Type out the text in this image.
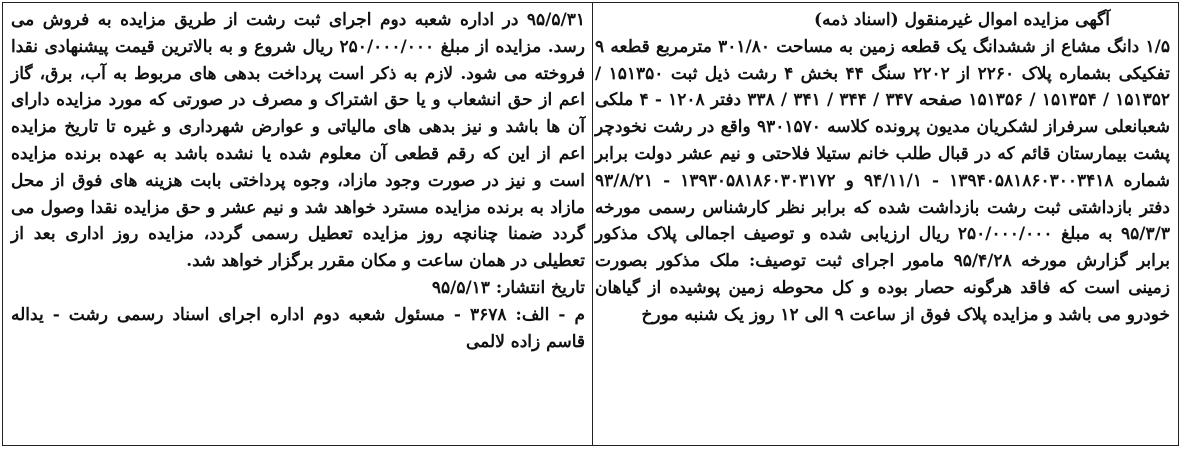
آگهی مزایده اموال غیرمنقول (اسناد ذمه)
۱/۵ دانگ مشاع از ششدانگ یک قطعه زمین به مساحت ۳۰۱/۸۰ مترمربع قطعه ۹ تفکیکی بشماره پلاک ۲۲۶۰ از ۲۲۰۲ سنگ ۴۴ بخش ۴ رشت ذیل ثبت ۱۵۱۳۵۰ / ۱۵۱۳۵۲ / ۱۵۱۳۵۴ / ۱۵۱۳۵۶ صفحه ۳۴۷ / ۳۴۴ / ۳۴۱ / ۳۳۸ دفتر ۱۲۰۸ - ۴ ملکی شعبانعلی سرفراز لشکریان مدیون پرونده کلاسه ۹۳۰۱۵۷۰ واقع در رشت نخودچر پشت بیمارستان قائم که در قبال طلب خانم ستیلا فلاحتی و نیم عشر دولت برابر شماره ۱۳۹۴۰۵۸۱۸۶۰۳۰۰۳۴۱۸ - ۹۴/۱۱/۱ و ۱۳۹۳۰۵۸۱۸۶۰۳۰۳۱۷۲ - ۹۳/۸/۲۱ دفتر بازداشتی ثبت رشت بازداشت شده که برابر نظر کارشناس رسمی مورخه ۹۵/۳/۳ به مبلغ ۲۵۰/۰۰۰/۰۰۰ ریال ارزیابی شده و توصیف اجمالی پلاک مذکور برابر گزارش مورخه ۹۵/۴/۲۸ مامور اجرای ثبت توصیف: ملک مذکور بصورت زمینی است که فاقد هرگونه حصار بوده و کل محوطه زمین پوشیده از گیاهان خودرو می باشد و مزایده پلاک فوق از ساعت ۹ الی ۱۲ روز یک شنبه مورخ
۹۵/۵/۳۱ در اداره شعبه دوم اجرای ثبت رشت از طریق مزایده به فروش می رسد. مزایده از مبلغ ۲۵۰/۰۰۰/۰۰۰ ریال شروع و به بالاترین قیمت پیشنهادی نقدا فروخته می شود. لازم به ذکر است پرداخت بدهی های مربوط به آب، برق، گاز اعم از حق انشعاب و یا حق اشتراک و مصرف در صورتی که مورد مزایده دارای آن ها باشد و نیز بدهی های مالیاتی و عوارض شهرداری و غیره تا تاریخ مزایده اعم از این که رقم قطعی آن معلوم شده یا نشده باشد به عهده برنده مزایده است و نیز در صورت وجود مازاد، وجوه پرداختی بابت هزینه های فوق از محل مازاد به برنده مزایده مسترد خواهد شد و نیم عشر و حق مزایده نقدا وصول می گردد ضمنا چنانچه روز مزایده تعطیل رسمی گردد، مزایده روز اداری بعد از تعطیلی در همان ساعت و مکان مقرر برگزار خواهد شد.
تاریخ انتشار: ۹۵/۵/۱۳
م - الف: ۳۶۷۸ - مسئول شعبه دوم اداره اجرای اسناد رسمی رشت - یداله قاسم زاده لالمی
